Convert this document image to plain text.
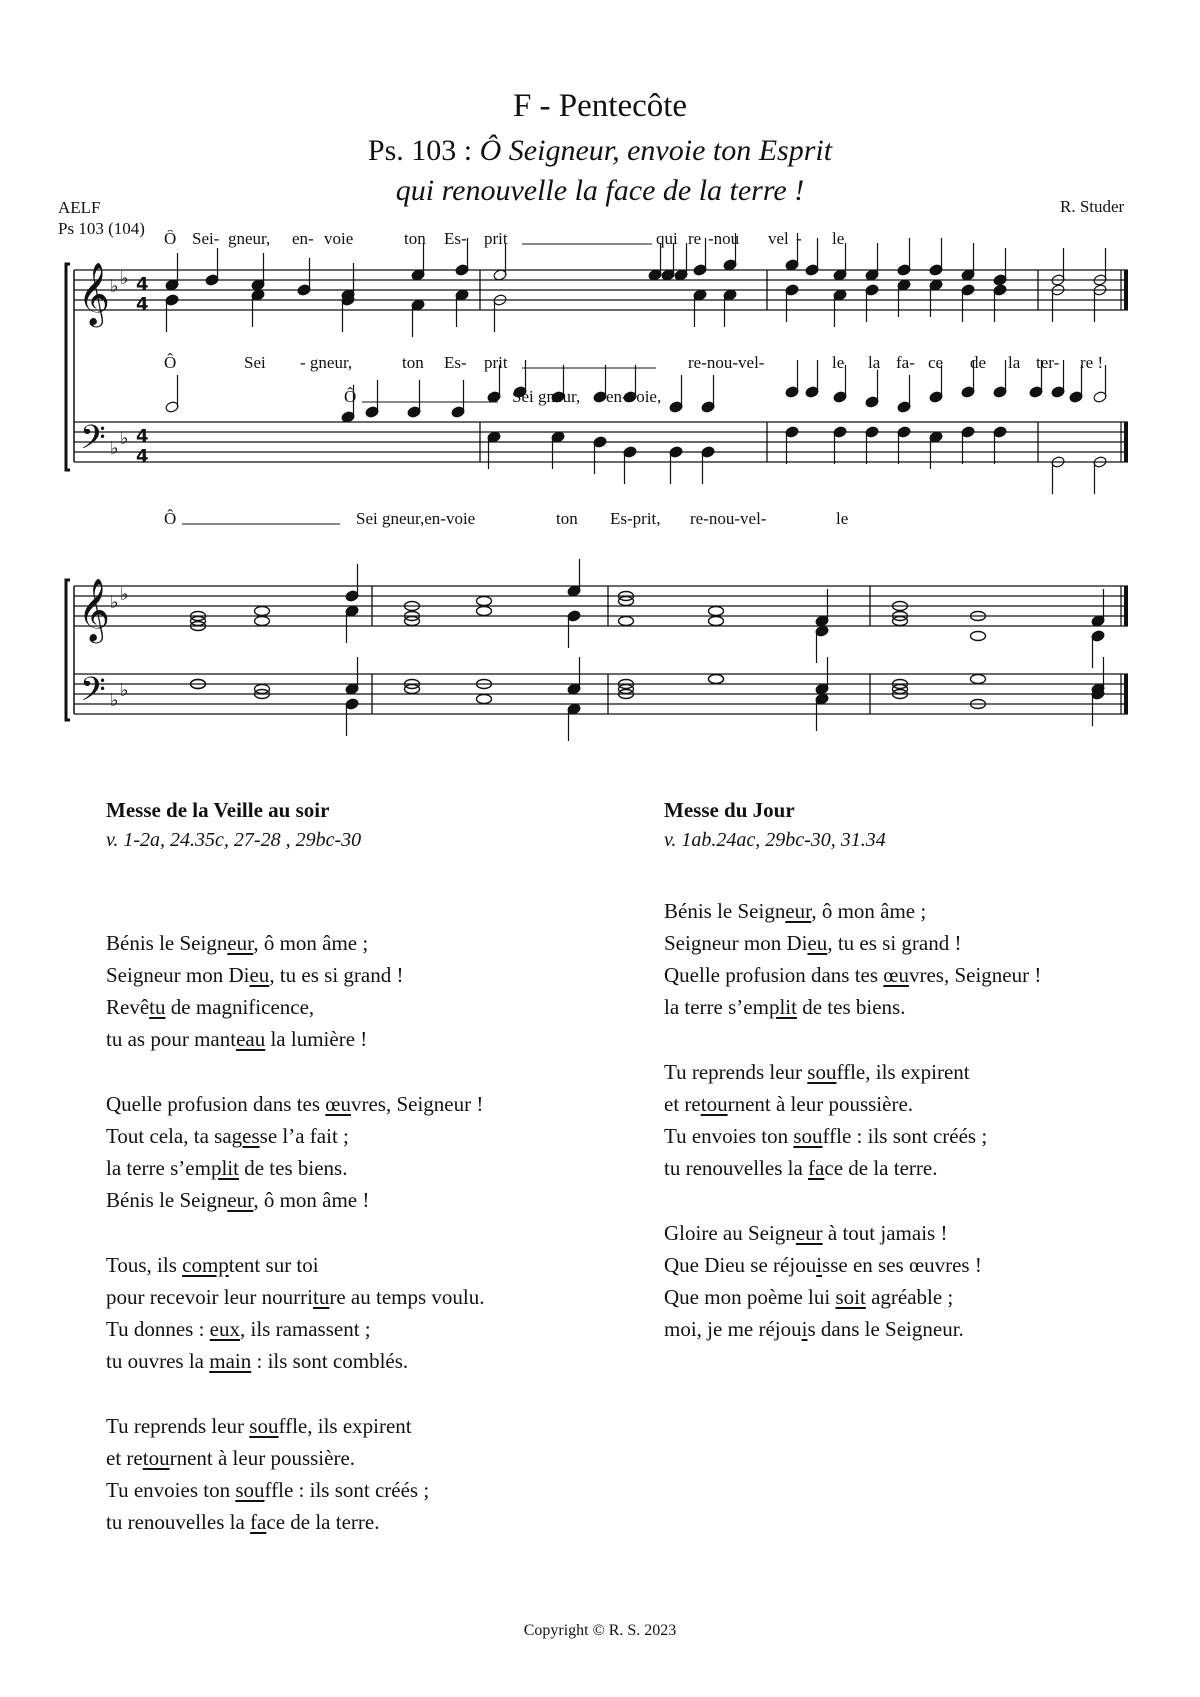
F - Pentecôte
Ps. 103 : Ô Seigneur, envoie ton Esprit
qui renouvelle la face de la terre !
AELF
Ps 103 (104)
R. Studer
𝄞
𝄢
𝄞
𝄢
♭ ♭
♭ ♭
♭ ♭
♭ ♭
4
4
4
4
Ô Sei- gneur, en- voie	ton Es- prit	qui re -nou vel - le
Ô	Sei - gneur,	ton Es- prit	re-nou-vel-	le la fa- ce de la ter- re !
Ô	Sei gneur, en-voie,
Ô	Sei gneur,en-voie	ton Es-prit, re-nou-vel-	le

Messe de la Veille au soir

v. 1-2a, 24.35c, 27-28 , 29bc-30

Bénis le Seigneur, ô mon âme ;
Seigneur mon Dieu, tu es si grand !
Revêtu de magnificence,
tu as pour manteau la lumière !

Quelle profusion dans tes œuvres, Seigneur !
Tout cela, ta sagesse l’a fait ;
la terre s’emplit de tes biens.
Bénis le Seigneur, ô mon âme !

Tous, ils comptent sur toi
pour recevoir leur nourriture au temps voulu.
Tu donnes : eux, ils ramassent ;
tu ouvres la main : ils sont comblés.

Tu reprends leur souffle, ils expirent
et retournent à leur poussière.
Tu envoies ton souffle : ils sont créés ;
tu renouvelles la face de la terre.

Messe du Jour

v. 1ab.24ac, 29bc-30, 31.34

Bénis le Seigneur, ô mon âme ;
Seigneur mon Dieu, tu es si grand !
Quelle profusion dans tes œuvres, Seigneur !
la terre s’emplit de tes biens.

Tu reprends leur souffle, ils expirent
et retournent à leur poussière.
Tu envoies ton souffle : ils sont créés ;
tu renouvelles la face de la terre.

Gloire au Seigneur à tout jamais !
Que Dieu se réjouisse en ses œuvres !
Que mon poème lui soit agréable ;
moi, je me réjouis dans le Seigneur.

Copyright © R. S. 2023
